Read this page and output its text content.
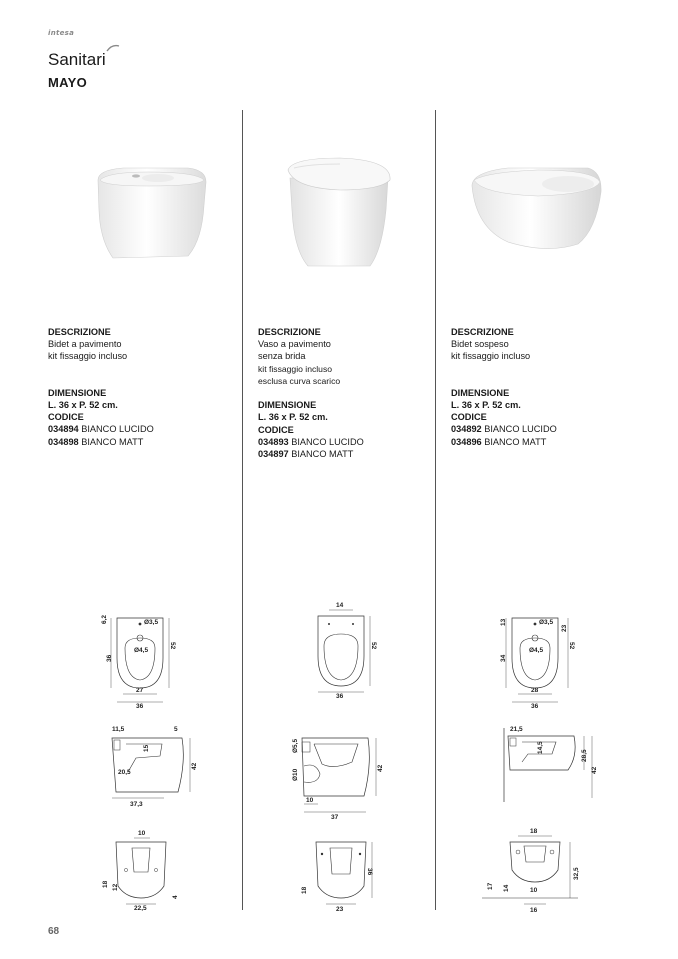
intesa
Sanitari
MAYO
DESCRIZIONE
Bidet a pavimento
kit fissaggio incluso
DIMENSIONE
L. 36 x P. 52 cm.
CODICE
034894 BIANCO LUCIDO
034898 BIANCO MATT
DESCRIZIONE
Vaso a pavimento
senza brida
kit fissaggio incluso
esclusa curva scarico
DIMENSIONE
L. 36 x P. 52 cm.
CODICE
034893 BIANCO LUCIDO
034897 BIANCO MATT
DESCRIZIONE
Bidet sospeso
kit fissaggio incluso
DIMENSIONE
L. 36 x P. 52 cm.
CODICE
034892 BIANCO LUCIDO
034896 BIANCO MATT
6,2	Ø3,5
Ø4,5
36
52
27
36
11,5	5
15
20,5
42
37,3
10
18 12
22,5
4
14
52
36
Ø5,5
Ø10
42
10
37
18
36
23
13	Ø3,5
23
34
Ø4,5
52
28
36
21,5
14,5
28,5
42
18
17 14	10
32,5
16
68
